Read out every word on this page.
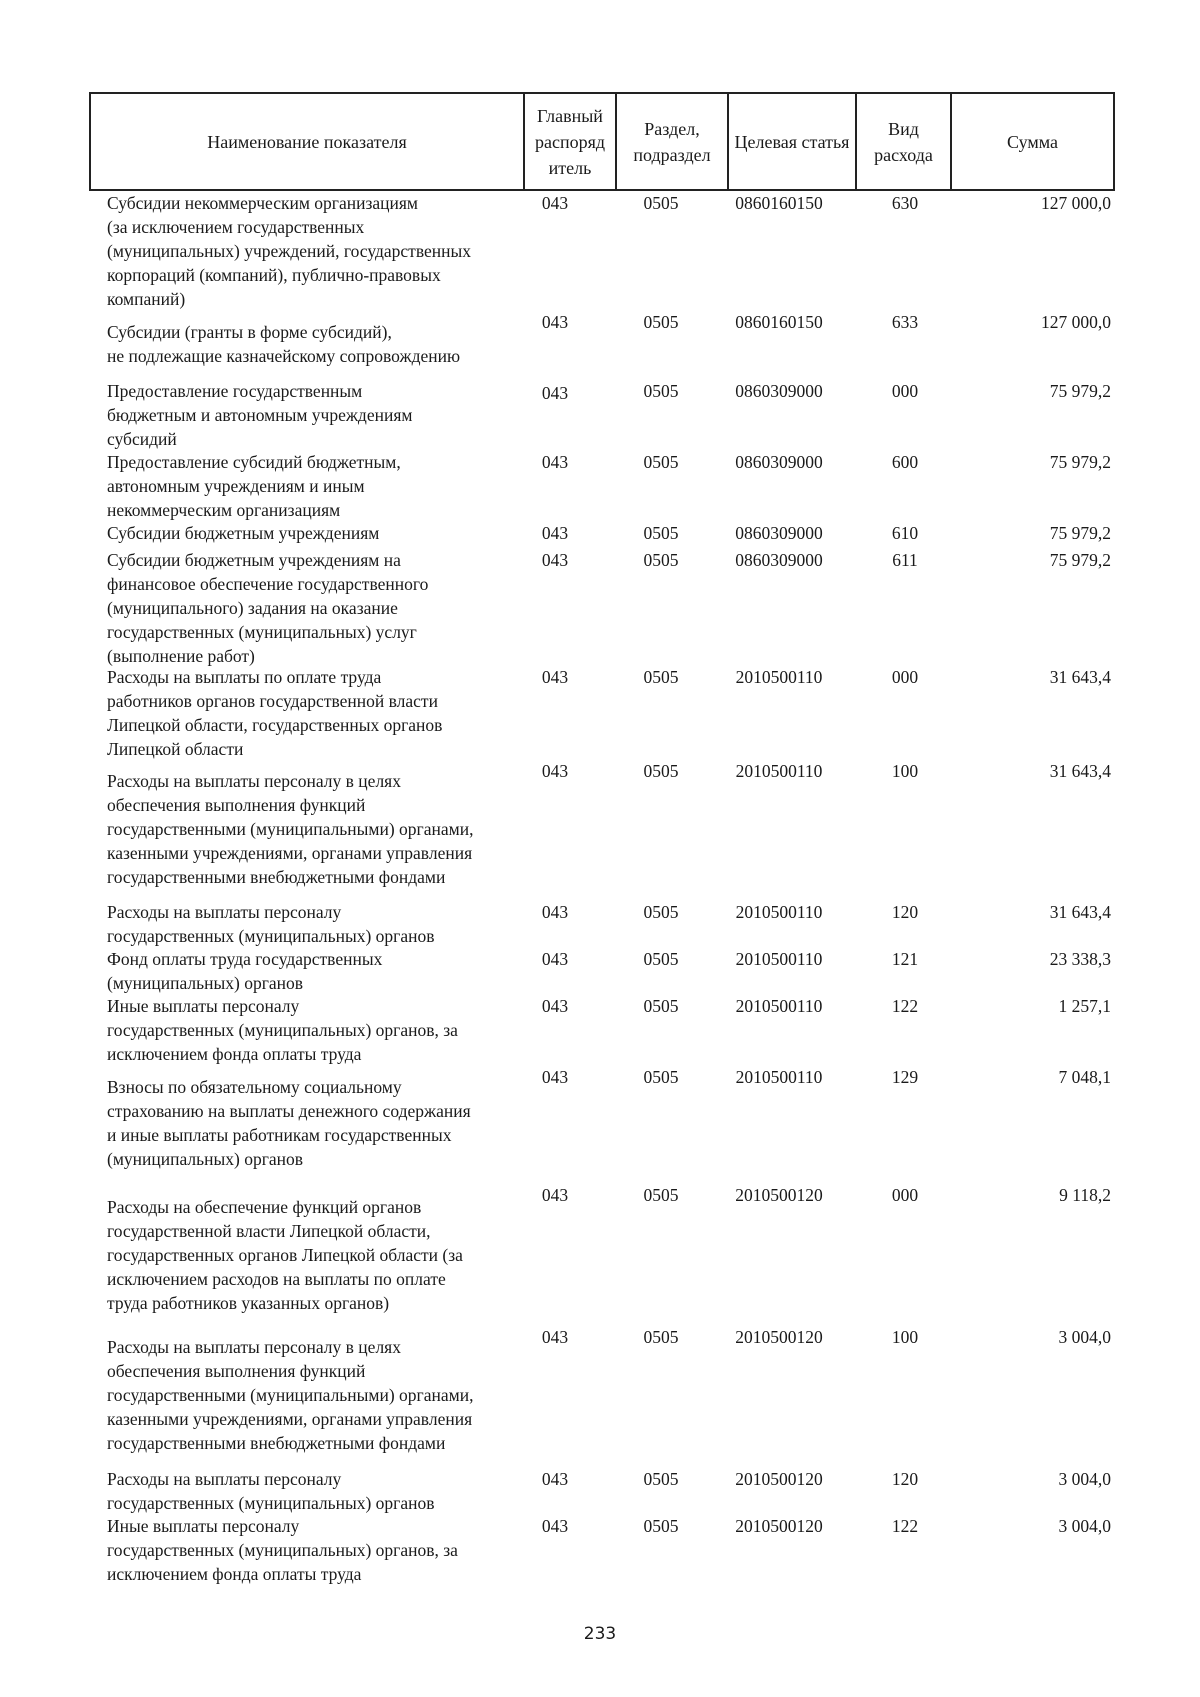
Наименование показателя	Главный распоряд итель	Раздел, подраздел	Целевая статья	Вид расхода	Сумма
Субсидии некоммерческим организациям
(за исключением государственных
(муниципальных) учреждений, государственных
корпораций (компаний), публично-правовых
компаний)
043	0505	0860160150	630	127 000,0
Субсидии (гранты в форме субсидий),
не подлежащие казначейскому сопровождению
043	0505	0860160150	633	127 000,0
Предоставление государственным
бюджетным и автономным учреждениям
субсидий
043	0505	0860309000	000	75 979,2
Предоставление субсидий бюджетным,
автономным учреждениям и иным
некоммерческим организациям
043	0505	0860309000	600	75 979,2
Субсидии бюджетным учреждениям	043	0505	0860309000	610	75 979,2
Субсидии бюджетным учреждениям на
финансовое обеспечение государственного
(муниципального) задания на оказание
государственных (муниципальных) услуг
(выполнение работ)
043	0505	0860309000	611	75 979,2
Расходы на выплаты по оплате труда
работников органов государственной власти
Липецкой области, государственных органов
Липецкой области
043	0505	2010500110	000	31 643,4
Расходы на выплаты персоналу в целях
обеспечения выполнения функций
государственными (муниципальными) органами,
казенными учреждениями, органами управления
государственными внебюджетными фондами
043	0505	2010500110	100	31 643,4
Расходы на выплаты персоналу
государственных (муниципальных) органов
043	0505	2010500110	120	31 643,4
Фонд оплаты труда государственных
(муниципальных) органов
043	0505	2010500110	121	23 338,3
Иные выплаты персоналу
государственных (муниципальных) органов, за
исключением фонда оплаты труда
043	0505	2010500110	122	1 257,1
Взносы по обязательному социальному
страхованию на выплаты денежного содержания
и иные выплаты работникам государственных
(муниципальных) органов
043	0505	2010500110	129	7 048,1
Расходы на обеспечение функций органов
государственной власти Липецкой области,
государственных органов Липецкой области (за
исключением расходов на выплаты по оплате
труда работников указанных органов)
043	0505	2010500120	000	9 118,2
Расходы на выплаты персоналу в целях
обеспечения выполнения функций
государственными (муниципальными) органами,
казенными учреждениями, органами управления
государственными внебюджетными фондами
043	0505	2010500120	100	3 004,0
Расходы на выплаты персоналу
государственных (муниципальных) органов
043	0505	2010500120	120	3 004,0
Иные выплаты персоналу
государственных (муниципальных) органов, за
исключением фонда оплаты труда
043	0505	2010500120	122	3 004,0
233
